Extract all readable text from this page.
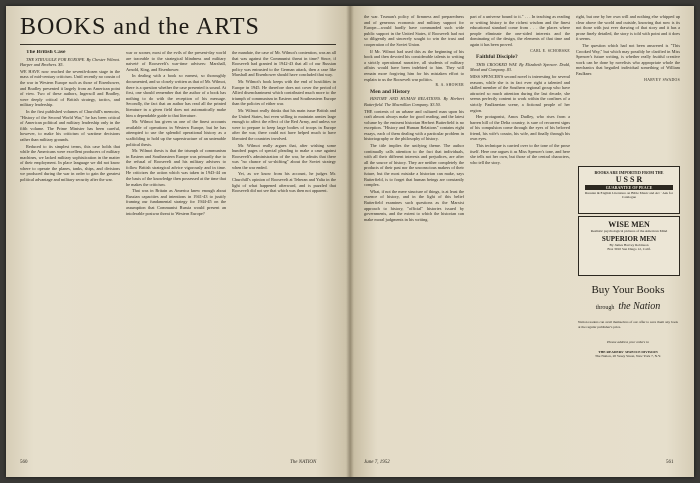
BOOKS and the ARTS

The British Case

THE STRUGGLE FOR EUROPE. By Chester Wilmot. Harper and Brothers. $5.

WE HAVE now reached the seventh-dozen stage in the mass of mid-century criticism. Until recently no cousin of the war in Western Europe such as those of Eisenhower, and Bradley presented it largely from an American point of view. Two of these authors, Ingersoll and Bradley, were deeply critical of British strategy, tactics, and military leadership.

In the first published volumes of Churchill's memoirs, "History of the Second World War," he has been critical of American political and military leadership only in the fifth volume. The Prime Minister has been careful, however, to make his criticism of wartime decisions rather than military grounds.

Reduced to its simplest terms, this case holds that while the Americans were excellent producers of military machines, we lacked military sophistication in the matter of their employment. In place language we did not know where to operate the planes, tanks, ships, and divisions we produced during the war in order to gain the greatest political advantage and military security after the war.

war or sooner, most of the evils of the present-day world are traceable to the strategical blindness and military naiveté of Roosevelt's war-time advisers: Marshall, Arnold, King, and Eisenhower.

In dealing with a book so earnest, so thoroughly documented, and so closely written as that of Mr. Wilmot, there is a question whether the case presented is sound. At first, one should remember that the author of a book has nothing to do with the reception of his message. Secondly, the fact that an author has read all the printed literature in a given field does not automatically make him a dependable guide to that literature.

Mr. Wilmot has given us one of the finest accounts available of operations in Western Europe, but he has attempted to use the splendid operational history as a scaffolding to hold up the superstructure of an untenable political thesis.

Mr. Wilmot thesis is that the triumph of communism in Eastern and Southeastern Europe was primarily due to the refusal of Roosevelt and his military advisers to follow British strategical advice vigorously and in time. He criticizes the action which was taken in 1943-44 on the basis of the knowledge then possessed at the time that he makes the criticism.

That was in Britain as America knew enough about Russian capacities and intentions in 1941-43 to justify framing our fundamental strategy for 1944-45 on the assumption that Communist Russia would present an intolerable postwar threat to Western Europe?

the mandate, the case of Mr. Wilmot's contention, was an all that was against the Communist threat in time? Since, if Roosevelt had granted in 1942-43 that all of our Russian policy was entrusted to the German attack, then a case like Marshall and Eisenhower should have concluded that way.

Mr. Wilmot's book keeps with the end of hostilities in Europe in 1945. He therefore does not cover the period of Allied disenchantment which contributed much more to the triumph of communism in Eastern and Southeastern Europe than the policies of either war.

Mr. Wilmot really thinks that his main issue British and the United States, but even willing to maintain armies large enough to affect the effect of the Red Army, and unless we were to prepare to keep large bodies of troops in Europe after the war, there could not have helped much to have liberated the countries involved.

Mr. Wilmot really argues that, after wishing some hundred pages of special pleading to make a case against Roosevelt's administration of the war, he admits that there was "no chance of so-shifting" about the Soviet strategy when the war ended.

Yet, as we know from his account, he judges Mr. Churchill's opinion of Roosevelt at Teheran and Yalta in the light of what happened afterward, and is puzzled that Roosevelt did not see that which was then not apparent.

560	The NATION

the war. Truman's policy of firmness and preparedness and of generous economic and military support for Europe—would hardly have commanded such wide public support in the United States, if Roosevelt had not so diligently and sincerely sought to win the trust and cooperation of the Soviet Union.

If Mr. Wilmot had used this as the beginning of his book and then devoted his considerable talents to writing a strictly operational narrative, all students of military affairs would have been indebted to him. They will remain more forgiving him for his mistaken effort to explain to us the Roosevelt war politics.

R. A. SHOWER

Men and History

HISTORY AND HUMAN RELATIONS. By Herbert Butterfield. The Macmillan Company. $3.50.

THE contents of an urbane and cultured man upon his craft almost always make for good reading, and the latest volume by the eminent historian Herbert Butterfield is no exception. "History and Human Relations" contains eight essays, each of them dealing with a particular problem in historiography or the philosophy of history.

The title implies the unifying theme. The author continually calls attention to the fact that individuals, with all their different interests and prejudices, are after all the source of history. They are neither completely the products of their past nor the unconscious makers of their future, but the most mistake a historian can make, says Butterfield, is to forget that human beings are constantly complex.

What, if not the mere structure of things, is at least the essence of history, and in the light of this belief Butterfield examines such questions as the Marxist approach to history, "official" histories issued by governments, and the extent to which the historian can make moral judgments in his writing.

part of a universe bound to it." . . . In teaching as reading or writing history to the richest wisdom and the finest educational standard come from . . . the places where people eliminate the one-sided interests and the dominating of the design, the elements of that time and again it has been proved.

CARL E. SCHORSKE

Faithful Disciple?

THIS CROOKED WAY. By Elizabeth Spencer. Dodd, Mead and Company. $3.

MISS SPENCER'S second novel is interesting for several reasons, while she is in fact ever right a talented and skilled member of the Southern regional group who have attracted so much attention during the last decade, she seems perfectly content to work within the confines of a strictly Faulknerian scene, a fictional people of her region.

Her protagonist, Amos Dudley, who rises from a barren hill of the Delta country, is sure of recurrent signs of his compulsion come through the eyes of his beloved friend, his wife's cousin, his wife, and finally through his own eyes.

This technique is carried over to the tone of the prose itself. Here one argues it as Miss Spencer's tone, and here she tells not her own, but those of the central characters, who tell the story.

right, but one by her own will and nothing else whipped up clear above the world and outside, knowing that now is its not those with just ever drawing of that story and it has a prose finely detailed, the story is told with point and it does it seems.

The question which had not been answered is "This Crooked Way," but which may possibly be clarified in Miss Spencer's future writing, is whether really fruitful creative work can be done by novelists who appropriate whole the mechanics that beguiled individual something of William Faulkner.

HARVEY SWADOS

BOOKS ARE IMPORTED FROM THE
U S S R
GUARANTEE OF PEACE
Russian & English Literature on Bible Music and Art · Ask for Catalogue
WISE MEN
Realistic psychological pictures of the American Mind
SUPERIOR MEN
By James Harvey Robinson
Box 3010 San Diego 12, Calif.
Buy Your Books
through the Nation
Nation readers can avail themselves of our offer to save them any book at the regular publisher's price.
Please address your orders to
THE READERS' SERVICE DIVISION
The Nation, 20 Vesey Street, New York 7, N.Y.
June 7, 1952	561
